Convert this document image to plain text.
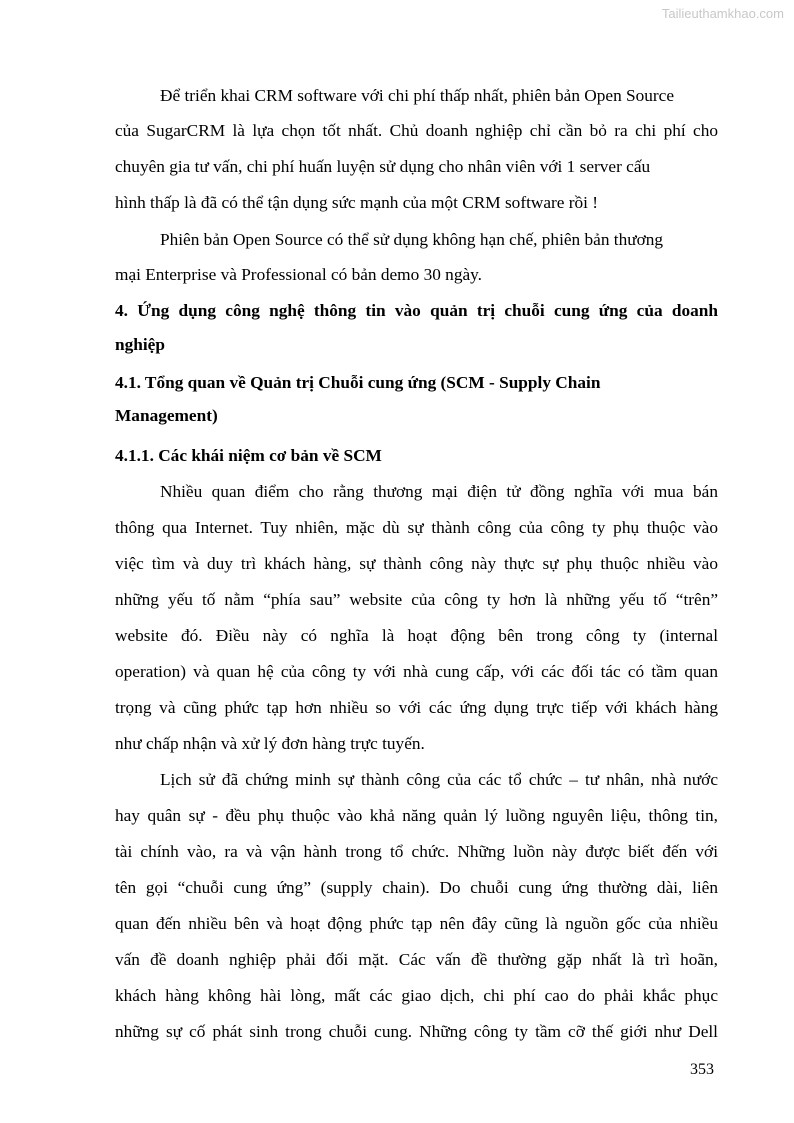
Tailieuthamkhao.com
Để triển khai CRM software với chi phí thấp nhất, phiên bản Open Source
của SugarCRM là lựa chọn tốt nhất. Chủ doanh nghiệp chỉ cần bỏ ra chi phí cho
chuyên gia tư vấn, chi phí huấn luyện sử dụng cho nhân viên với 1 server cấu
hình thấp là đã có thể tận dụng sức mạnh của một CRM software rồi !
Phiên bản Open Source có thể sử dụng không hạn chế, phiên bản thương
mại Enterprise và Professional có bản demo 30 ngày.
4. Ứng dụng công nghệ thông tin vào quản trị chuỗi cung ứng của doanh
nghiệp
4.1. Tổng quan về Quản trị Chuỗi cung ứng (SCM - Supply Chain
Management)
4.1.1. Các khái niệm cơ bản về SCM
Nhiều quan điểm cho rằng thương mại điện tử đồng nghĩa với mua bán
thông qua Internet. Tuy nhiên, mặc dù sự thành công của công ty phụ thuộc vào
việc tìm và duy trì khách hàng, sự thành công này thực sự phụ thuộc nhiều vào
những yếu tố nằm “phía sau” website của công ty hơn là những yếu tố “trên”
website đó. Điều này có nghĩa là hoạt động bên trong công ty (internal
operation) và quan hệ của công ty với nhà cung cấp, với các đối tác có tầm quan
trọng và cũng phức tạp hơn nhiều so với các ứng dụng trực tiếp với khách hàng
như chấp nhận và xử lý đơn hàng trực tuyến.
Lịch sử đã chứng minh sự thành công của các tổ chức – tư nhân, nhà nước
hay quân sự - đều phụ thuộc vào khả năng quản lý luồng nguyên liệu, thông tin,
tài chính vào, ra và vận hành trong tổ chức. Những luồn này được biết đến với
tên gọi “chuỗi cung ứng” (supply chain). Do chuỗi cung ứng thường dài, liên
quan đến nhiều bên và hoạt động phức tạp nên đây cũng là nguồn gốc của nhiều
vấn đề doanh nghiệp phải đối mặt. Các vấn đề thường gặp nhất là trì hoãn,
khách hàng không hài lòng, mất các giao dịch, chi phí cao do phải khắc phục
những sự cố phát sinh trong chuỗi cung. Những công ty tầm cỡ thế giới như Dell
353
